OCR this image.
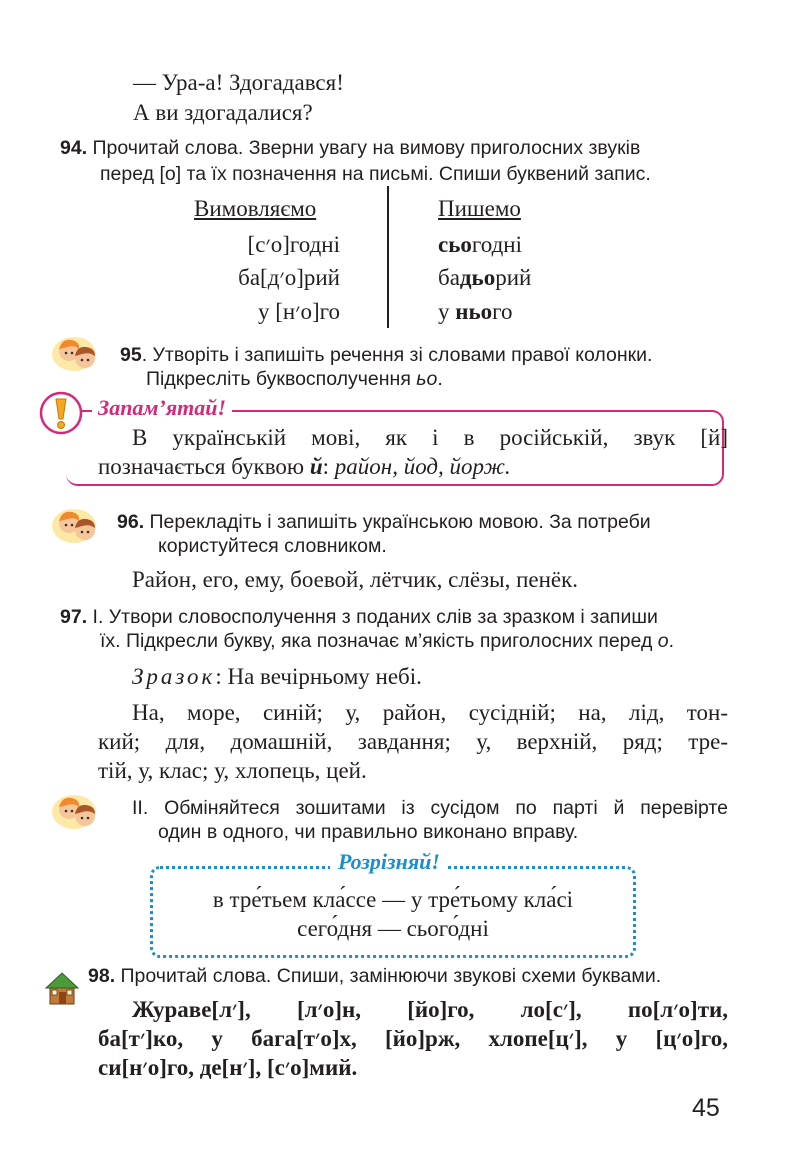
— Ура-а! Здогадався!
А ви здогадалися?
94. Прочитай слова. Зверни увагу на вимову приголосних звуків
перед [о] та їх позначення на письмі. Спиши буквений запис.
Вимовляємо	Пишемо
[с׳о]годні
ба[д׳о]рий
у [н׳о]го
сьогодні
бадьорий
у нього
95. Утворіть і запишіть речення зі словами правої колонки.
Підкресліть буквосполучення ьо.
Запам’ятай!
В українській мові, як і в російській, звук [й]
позначається буквою й: район, йод, йорж.
96. Перекладіть і запишіть українською мовою. За потреби
користуйтеся словником.
Район, его, ему, боевой, лётчик, слёзы, пенёк.
97. І. Утвори словосполучення з поданих слів за зразком і запиши
їх. Підкресли букву, яка позначає м’якість приголосних перед о.
Зразок: На вечірньому небі.
На, море, синій; у, район, сусідній; на, лід, тон-
кий; для, домашній, завдання; у, верхній, ряд; тре-
тій, у, клас; у, хлопець, цей.
ІІ. Обміняйтеся зошитами із сусідом по парті й перевірте
один в одного, чи правильно виконано вправу.
Розрізняй!
в тре́тьем кла́ссе — у тре́тьому кла́сі
сего́дня — сього́дні
98. Прочитай слова. Спиши, замінюючи звукові схеми буквами.
Жураве[л׳], [л׳о]н, [йо]го, ло[с׳], по[л׳о]ти,
ба[т׳]ко, у бага[т׳о]х, [йо]рж, хлопе[ц׳], у [ц׳о]го,
си[н׳о]го, де[н׳], [с׳о]мий.
45
